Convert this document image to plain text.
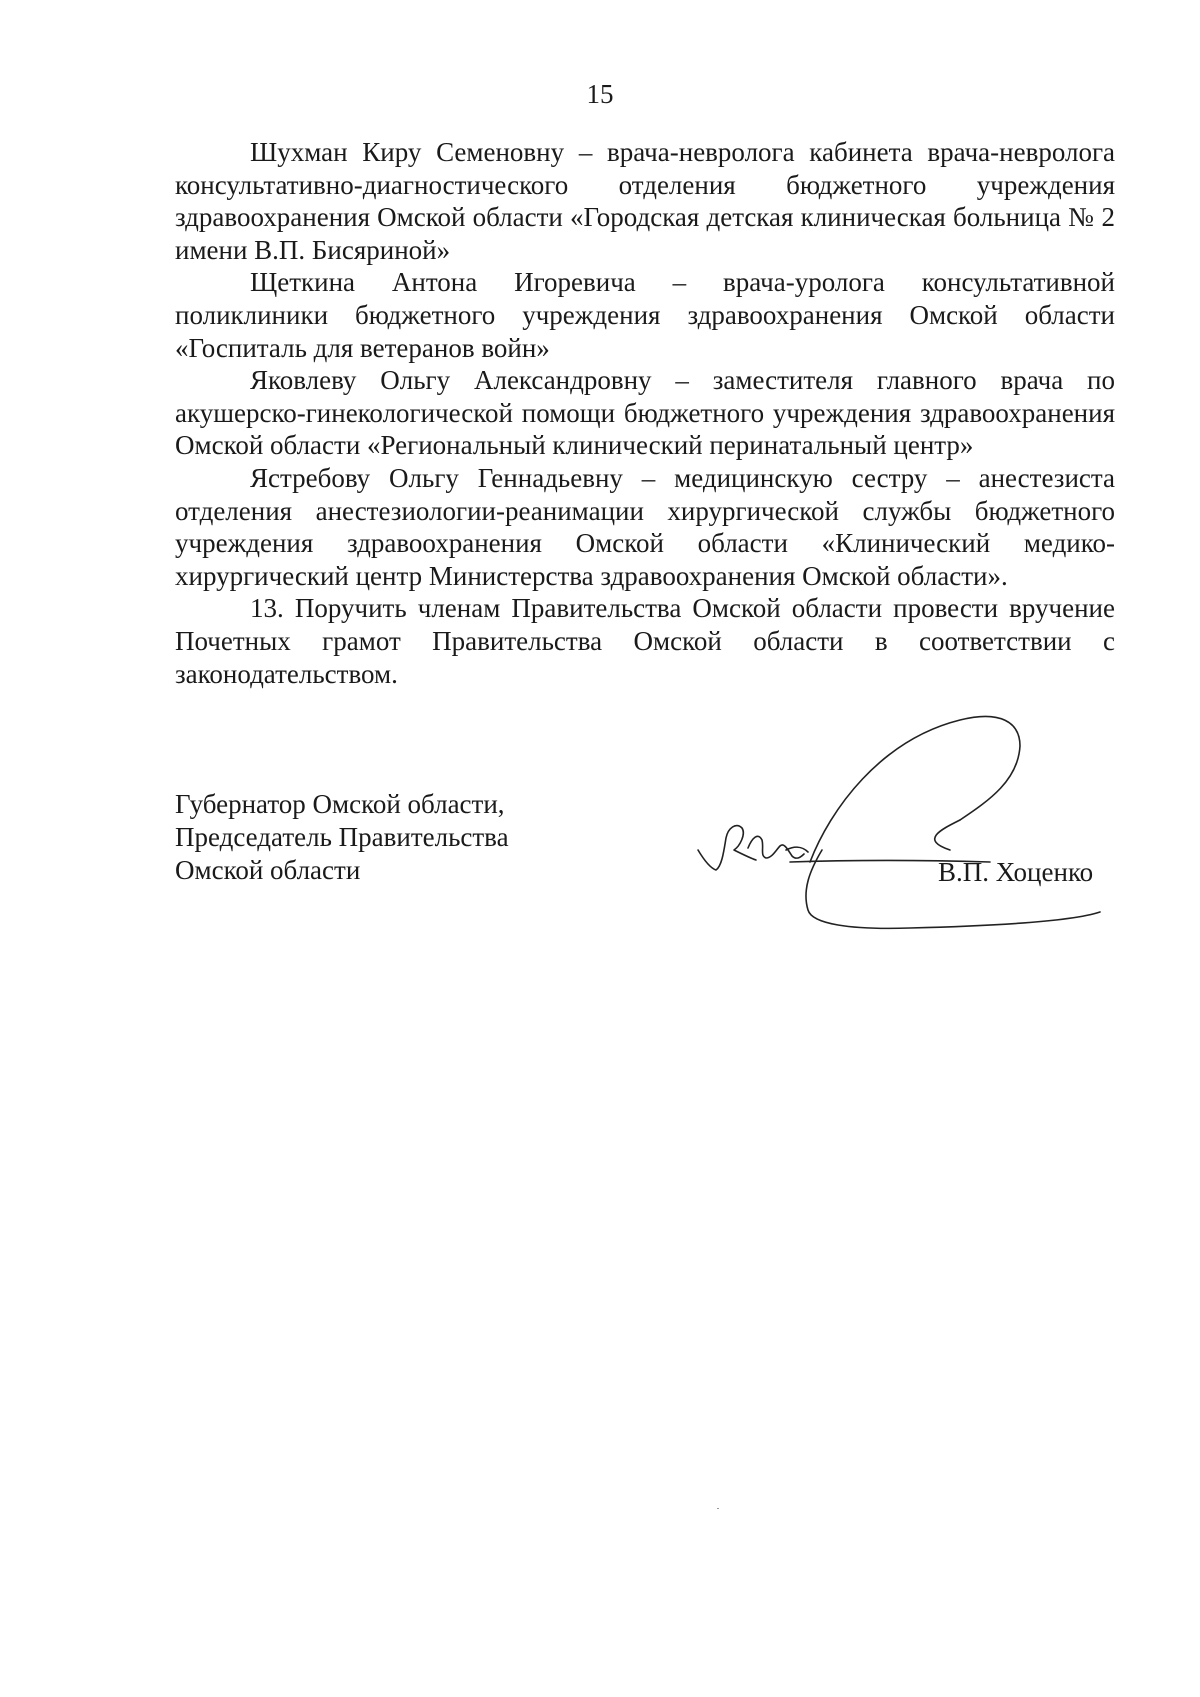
15

Шухман Киру Семеновну – врача-невролога кабинета врача-невролога консультативно-диагностического отделения бюджетного учреждения здравоохранения Омской области «Городская детская клиническая больница № 2 имени В.П. Бисяриной»

Щеткина Антона Игоревича – врача-уролога консультативной поликлиники бюджетного учреждения здравоохранения Омской области «Госпиталь для ветеранов войн»

Яковлеву Ольгу Александровну – заместителя главного врача по акушерско-гинекологической помощи бюджетного учреждения здравоохранения Омской области «Региональный клинический перинатальный центр»

Ястребову Ольгу Геннадьевну – медицинскую сестру – анестезиста отделения анестезиологии-реанимации хирургической службы бюджетного учреждения здравоохранения Омской области «Клинический медико-хирургический центр Министерства здравоохранения Омской области».

13. Поручить членам Правительства Омской области провести вручение Почетных грамот Правительства Омской области в соответствии с законодательством.

Губернатор Омской области,
Председатель Правительства
Омской области	В.П. Хоценко
